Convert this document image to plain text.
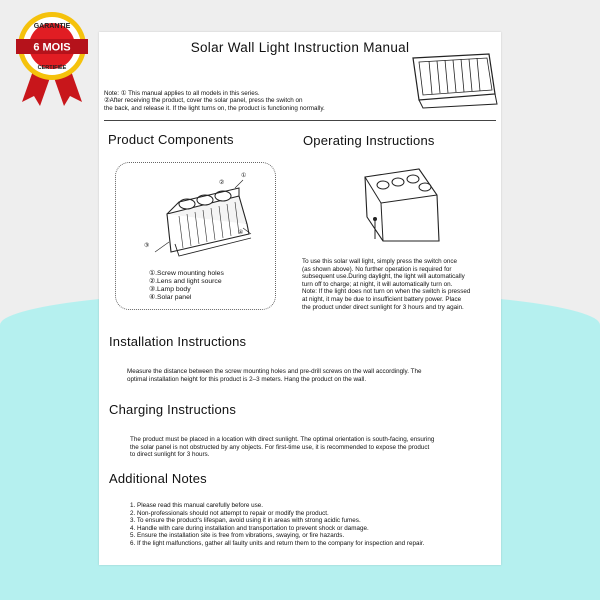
GARANTIE
6 MOIS
CERTIFIÉE
Solar Wall Light Instruction Manual
Note: ① This manual applies to all models in this series.
②After receiving the product, cover the solar panel, press the switch on
the back, and release it. If the light turns on, the product is functioning normally.
Product Components
①
③
④
①.Screw mounting holes
②.Lens and light source
③.Lamp body
④.Solar panel
Operating Instructions
To use this solar wall light, simply press the switch once
(as shown above). No further operation is required for
subsequent use.During daylight, the light will automatically
turn off to charge; at night, it will automatically turn on.
Note: If the light does not turn on when the switch is pressed
at night, it may be due to insufficient battery power. Place
the product under direct sunlight for 3 hours and try again.
Installation Instructions
Measure the distance between the screw mounting holes and pre-drill screws on the wall accordingly. The
optimal installation height for this product is 2–3 meters. Hang the product on the wall.
Charging Instructions
The product must be placed in a location with direct sunlight. The optimal orientation is south-facing, ensuring
the solar panel is not obstructed by any objects. For first-time use, it is recommended to expose the product
to direct sunlight for 3 hours.
Additional Notes
1. Please read this manual carefully before use.
2. Non-professionals should not attempt to repair or modify the product.
3. To ensure the product's lifespan, avoid using it in areas with strong acidic fumes.
4. Handle with care during installation and transportation to prevent shock or damage.
5. Ensure the installation site is free from vibrations, swaying, or fire hazards.
6. If the light malfunctions, gather all faulty units and return them to the company for inspection and repair.
②
